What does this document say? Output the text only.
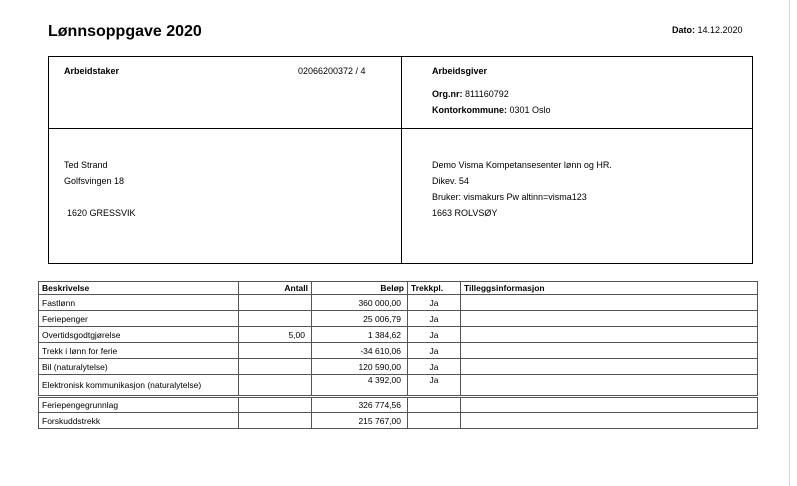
Lønnsoppgave 2020	Dato: 14.12.2020
Arbeidstaker	02066200372 / 4	Arbeidsgiver
Org.nr: 811160792
Kontorkommune: 0301 Oslo
Ted Strand
Golfsvingen 18
1620 GRESSVIK
Demo Visma Kompetansesenter lønn og HR.
Dikev. 54
Bruker: vismakurs Pw altinn=visma123
1663 ROLVSØY
Beskrivelse	Antall	Beløp	Trekkpl.	Tilleggsinformasjon
Fastlønn		360 000,00	Ja	
Feriepenger		25 006,79	Ja	
Overtidsgodtgjørelse	5,00	1 384,62	Ja	
Trekk i lønn for ferie		-34 610,06	Ja	
Bil (naturalytelse)		120 590,00	Ja	
Elektronisk kommunikasjon (naturalytelse)		4 392,00	Ja	
Feriepengegrunnlag		326 774,56		
Forskuddstrekk		215 767,00		
